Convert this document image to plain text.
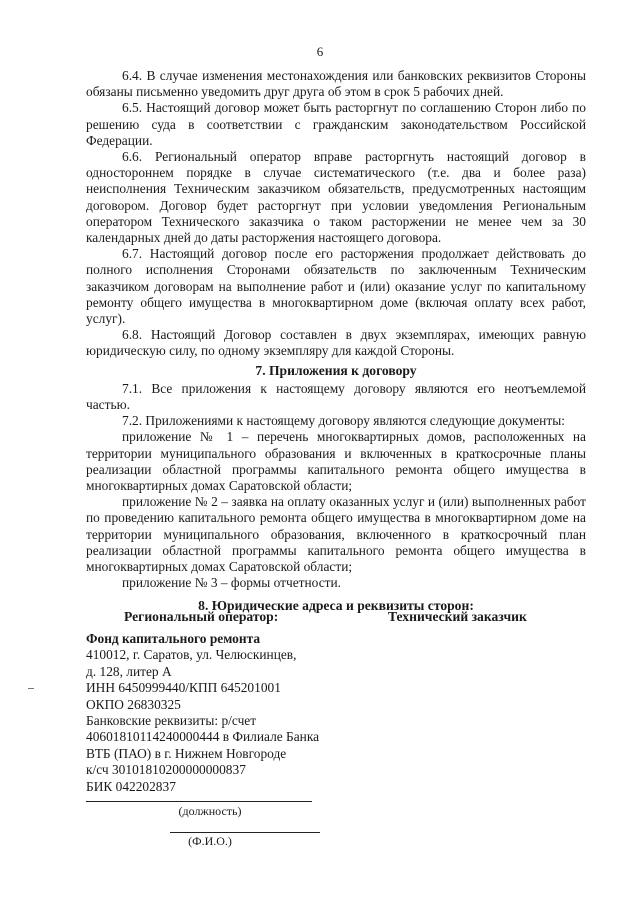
6

6.4. В случае изменения местонахождения или банковских реквизитов Стороны обязаны письменно уведомить друг друга об этом в срок 5 рабочих дней.

6.5. Настоящий договор может быть расторгнут по соглашению Сторон либо по решению суда в соответствии с гражданским законодательством Российской Федерации.

6.6. Региональный оператор вправе расторгнуть настоящий договор в одностороннем порядке в случае систематического (т.е. два и более раза) неисполнения Техническим заказчиком обязательств, предусмотренных настоящим договором. Договор будет расторгнут при условии уведомления Региональным оператором Технического заказчика о таком расторжении не менее чем за 30 календарных дней до даты расторжения настоящего договора.

6.7. Настоящий договор после его расторжения продолжает действовать до полного исполнения Сторонами обязательств по заключенным Техническим заказчиком договорам на выполнение работ и (или) оказание услуг по капитальному ремонту общего имущества в многоквартирном доме (включая оплату всех работ, услуг).

6.8. Настоящий Договор составлен в двух экземплярах, имеющих равную юридическую силу, по одному экземпляру для каждой Стороны.

7. Приложения к договору

7.1. Все приложения к настоящему договору являются его неотъемлемой частью.

7.2. Приложениями к настоящему договору являются следующие документы:

приложение № 1 – перечень многоквартирных домов, расположенных на территории муниципального образования и включенных в краткосрочные планы реализации областной программы капитального ремонта общего имущества в многоквартирных домах Саратовской области;

приложение № 2 – заявка на оплату оказанных услуг и (или) выполненных работ по проведению капитального ремонта общего имущества в многоквартирном доме на территории муниципального образования, включенного в краткосрочный план реализации областной программы капитального ремонта общего имущества в многоквартирных домах Саратовской области;

приложение № 3 – формы отчетности.

8. Юридические адреса и реквизиты сторон:
Региональный оператор:	Технический заказчик
Фонд капитального ремонта
410012, г. Саратов, ул. Челюскинцев,
д. 128, литер А
ИНН 6450999440/КПП 645201001
ОКПО 26830325
Банковские реквизиты: р/счет
40601810114240000444 в Филиале Банка
ВТБ (ПАО) в г. Нижнем Новгороде
к/сч 30101810200000000837
БИК 042202837
(должность)
(Ф.И.О.)
